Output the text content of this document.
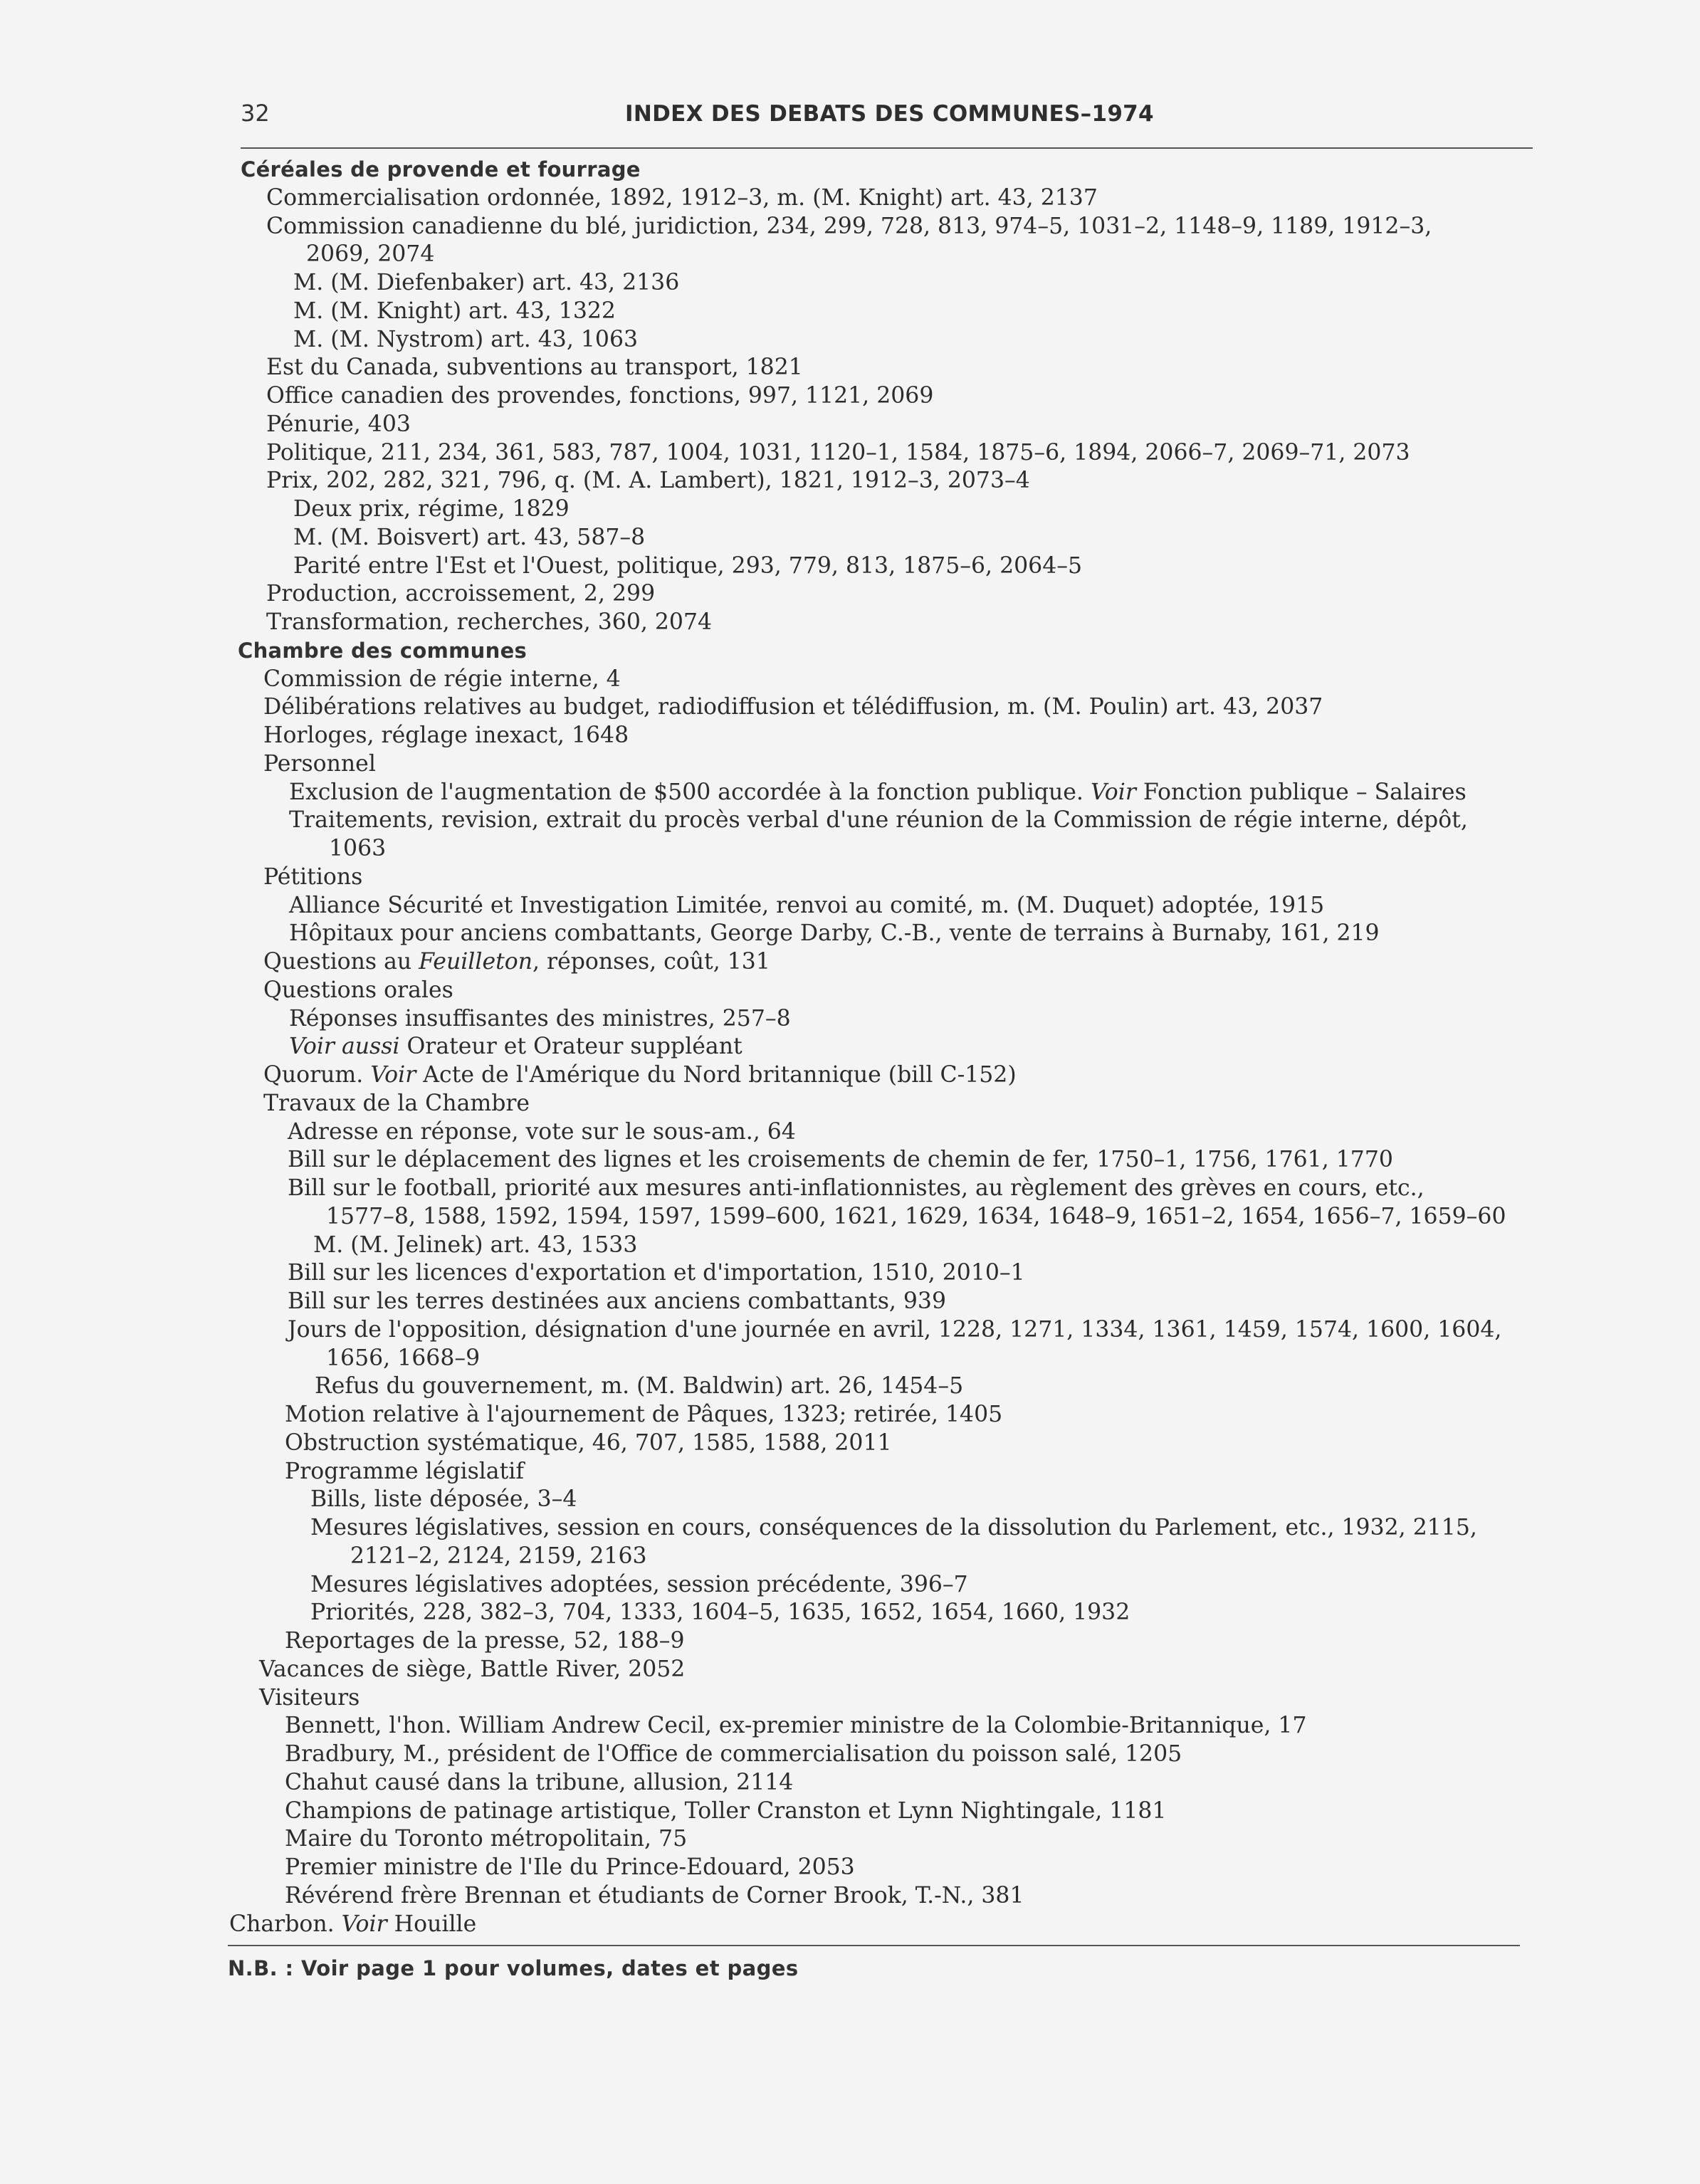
32	INDEX DES DEBATS DES COMMUNES–1974
Céréales de provende et fourrage
Commercialisation ordonnée, 1892, 1912–3, m. (M. Knight) art. 43, 2137
Commission canadienne du blé, juridiction, 234, 299, 728, 813, 974–5, 1031–2, 1148–9, 1189, 1912–3,
2069, 2074
M. (M. Diefenbaker) art. 43, 2136
M. (M. Knight) art. 43, 1322
M. (M. Nystrom) art. 43, 1063
Est du Canada, subventions au transport, 1821
Office canadien des provendes, fonctions, 997, 1121, 2069
Pénurie, 403
Politique, 211, 234, 361, 583, 787, 1004, 1031, 1120–1, 1584, 1875–6, 1894, 2066–7, 2069–71, 2073
Prix, 202, 282, 321, 796, q. (M. A. Lambert), 1821, 1912–3, 2073–4
Deux prix, régime, 1829
M. (M. Boisvert) art. 43, 587–8
Parité entre l'Est et l'Ouest, politique, 293, 779, 813, 1875–6, 2064–5
Production, accroissement, 2, 299
Transformation, recherches, 360, 2074
Chambre des communes
Commission de régie interne, 4
Délibérations relatives au budget, radiodiffusion et télédiffusion, m. (M. Poulin) art. 43, 2037
Horloges, réglage inexact, 1648
Personnel
Exclusion de l'augmentation de $500 accordée à la fonction publique. Voir Fonction publique – Salaires
Traitements, revision, extrait du procès verbal d'une réunion de la Commission de régie interne, dépôt,
1063
Pétitions
Alliance Sécurité et Investigation Limitée, renvoi au comité, m. (M. Duquet) adoptée, 1915
Hôpitaux pour anciens combattants, George Darby, C.-B., vente de terrains à Burnaby, 161, 219
Questions au Feuilleton, réponses, coût, 131
Questions orales
Réponses insuffisantes des ministres, 257–8
Voir aussi Orateur et Orateur suppléant
Quorum. Voir Acte de l'Amérique du Nord britannique (bill C-152)
Travaux de la Chambre
Adresse en réponse, vote sur le sous-am., 64
Bill sur le déplacement des lignes et les croisements de chemin de fer, 1750–1, 1756, 1761, 1770
Bill sur le football, priorité aux mesures anti-inflationnistes, au règlement des grèves en cours, etc.,
1577–8, 1588, 1592, 1594, 1597, 1599–600, 1621, 1629, 1634, 1648–9, 1651–2, 1654, 1656–7, 1659–60
M. (M. Jelinek) art. 43, 1533
Bill sur les licences d'exportation et d'importation, 1510, 2010–1
Bill sur les terres destinées aux anciens combattants, 939
Jours de l'opposition, désignation d'une journée en avril, 1228, 1271, 1334, 1361, 1459, 1574, 1600, 1604,
1656, 1668–9
Refus du gouvernement, m. (M. Baldwin) art. 26, 1454–5
Motion relative à l'ajournement de Pâques, 1323; retirée, 1405
Obstruction systématique, 46, 707, 1585, 1588, 2011
Programme législatif
Bills, liste déposée, 3–4
Mesures législatives, session en cours, conséquences de la dissolution du Parlement, etc., 1932, 2115,
2121–2, 2124, 2159, 2163
Mesures législatives adoptées, session précédente, 396–7
Priorités, 228, 382–3, 704, 1333, 1604–5, 1635, 1652, 1654, 1660, 1932
Reportages de la presse, 52, 188–9
Vacances de siège, Battle River, 2052
Visiteurs
Bennett, l'hon. William Andrew Cecil, ex-premier ministre de la Colombie-Britannique, 17
Bradbury, M., président de l'Office de commercialisation du poisson salé, 1205
Chahut causé dans la tribune, allusion, 2114
Champions de patinage artistique, Toller Cranston et Lynn Nightingale, 1181
Maire du Toronto métropolitain, 75
Premier ministre de l'Ile du Prince-Edouard, 2053
Révérend frère Brennan et étudiants de Corner Brook, T.-N., 381
Charbon. Voir Houille
N.B. : Voir page 1 pour volumes, dates et pages
